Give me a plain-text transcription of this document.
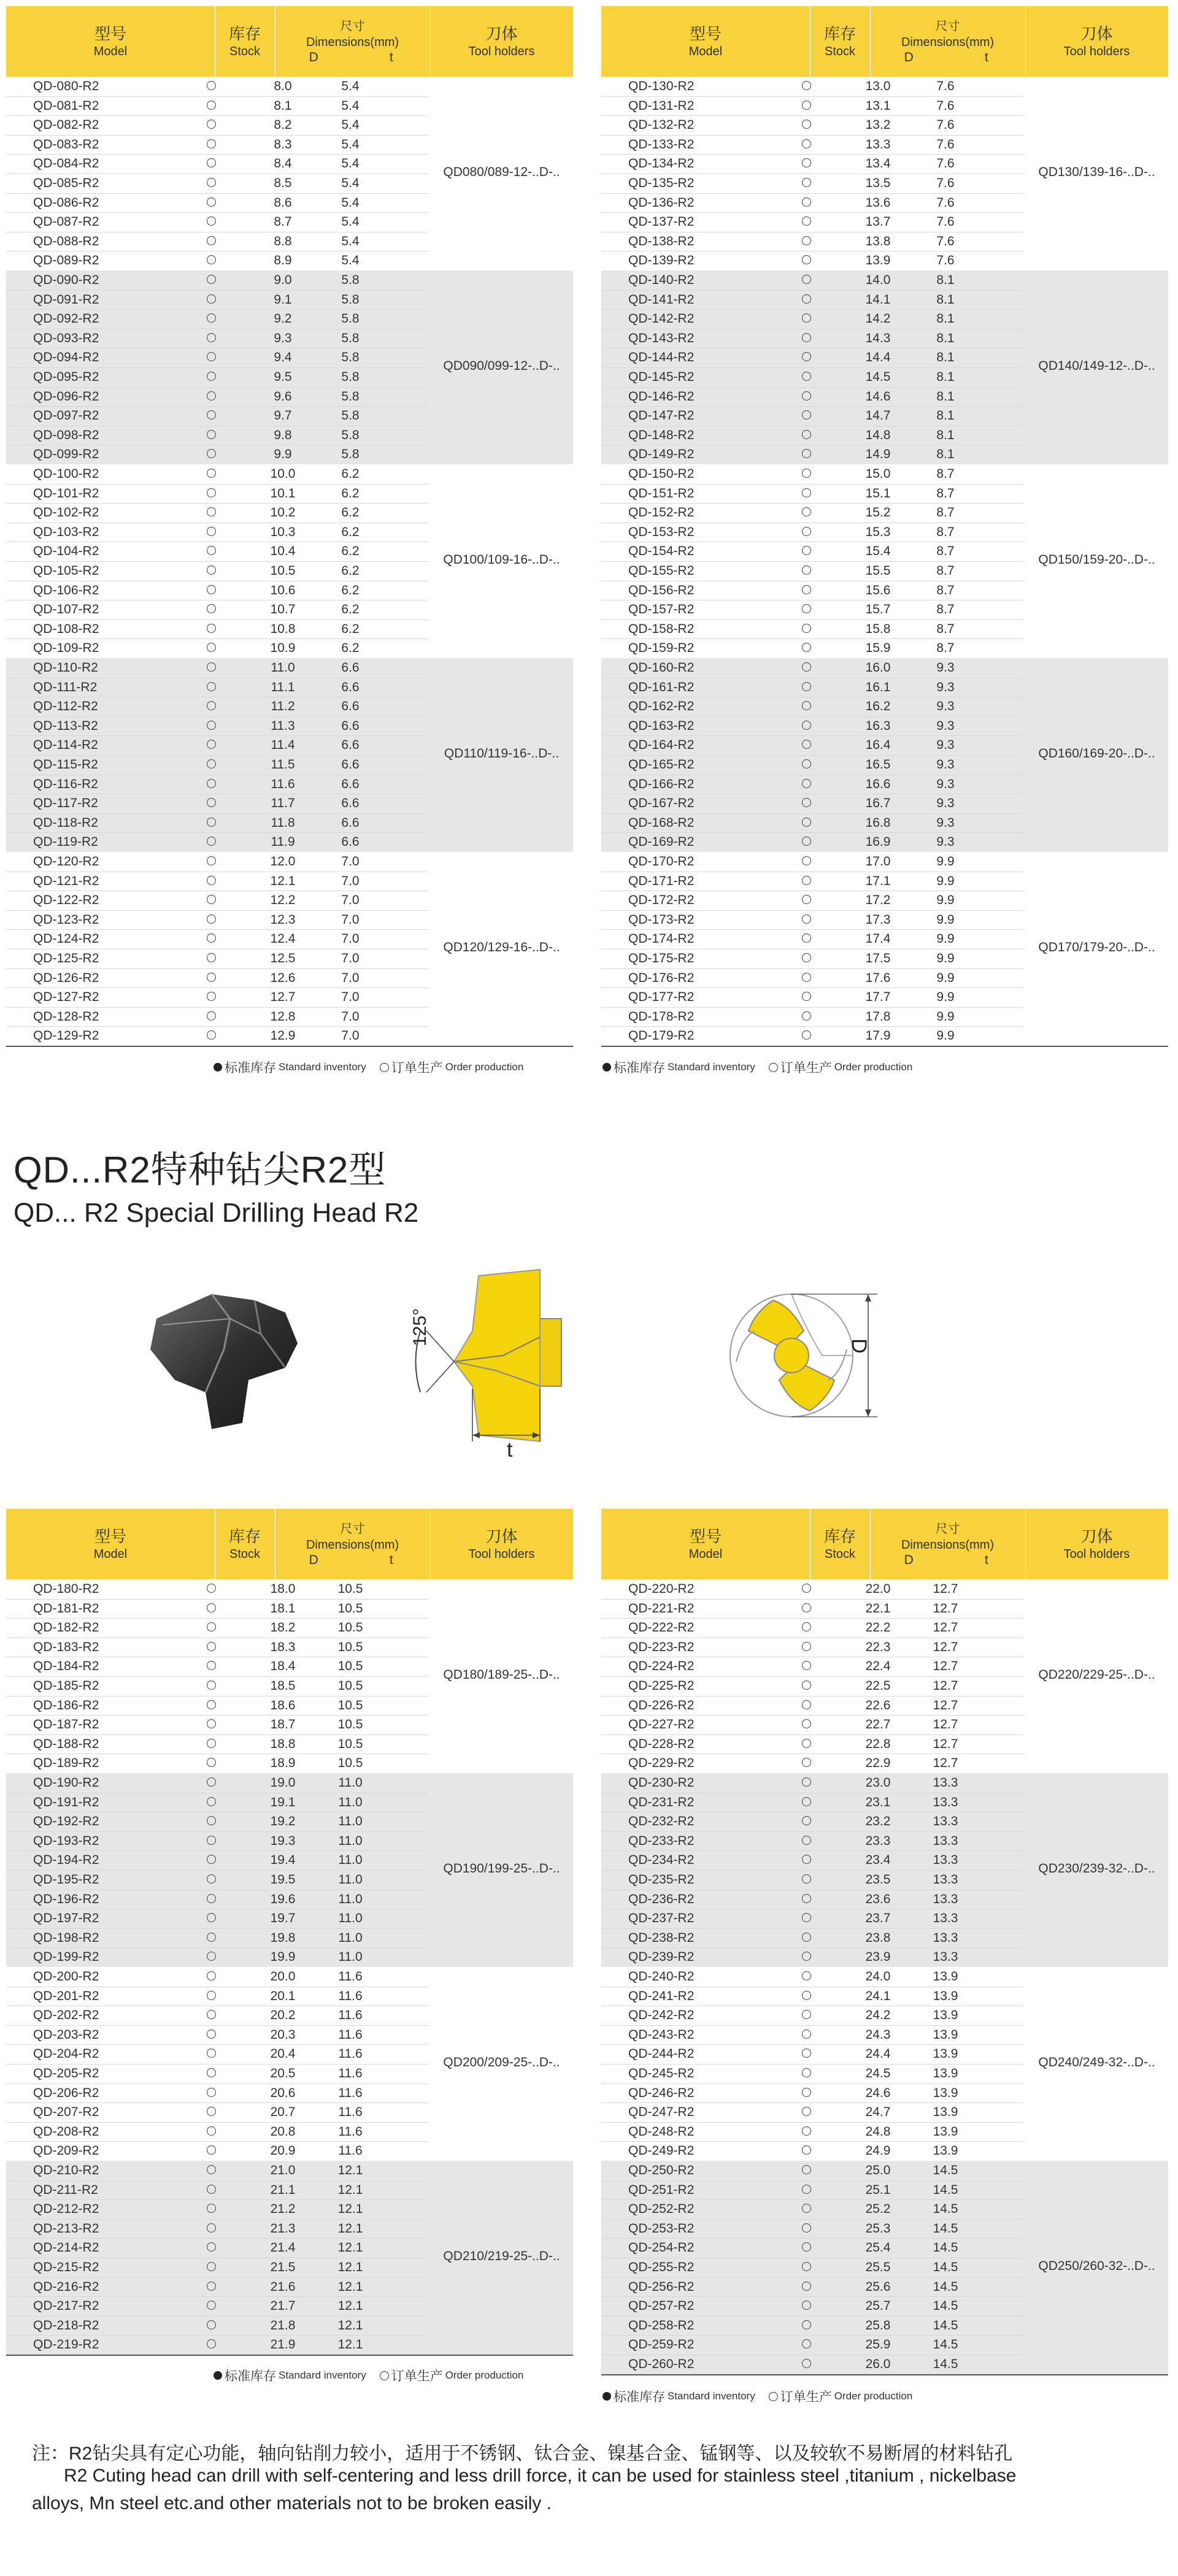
型号
Model
库存
Stock
尺寸
Dimensions(mm)
D	t
刀体
Tool holders
QD080/089-12-..D-..
QD-080-R2	8.0	5.4
QD-081-R2	8.1	5.4
QD-082-R2	8.2	5.4
QD-083-R2	8.3	5.4
QD-084-R2	8.4	5.4
QD-085-R2	8.5	5.4
QD-086-R2	8.6	5.4
QD-087-R2	8.7	5.4
QD-088-R2	8.8	5.4
QD-089-R2	8.9	5.4
QD090/099-12-..D-..
QD-090-R2	9.0	5.8
QD-091-R2	9.1	5.8
QD-092-R2	9.2	5.8
QD-093-R2	9.3	5.8
QD-094-R2	9.4	5.8
QD-095-R2	9.5	5.8
QD-096-R2	9.6	5.8
QD-097-R2	9.7	5.8
QD-098-R2	9.8	5.8
QD-099-R2	9.9	5.8
QD100/109-16-..D-..
QD-100-R2	10.0	6.2
QD-101-R2	10.1	6.2
QD-102-R2	10.2	6.2
QD-103-R2	10.3	6.2
QD-104-R2	10.4	6.2
QD-105-R2	10.5	6.2
QD-106-R2	10.6	6.2
QD-107-R2	10.7	6.2
QD-108-R2	10.8	6.2
QD-109-R2	10.9	6.2
QD110/119-16-..D-..
QD-110-R2	11.0	6.6
QD-111-R2	11.1	6.6
QD-112-R2	11.2	6.6
QD-113-R2	11.3	6.6
QD-114-R2	11.4	6.6
QD-115-R2	11.5	6.6
QD-116-R2	11.6	6.6
QD-117-R2	11.7	6.6
QD-118-R2	11.8	6.6
QD-119-R2	11.9	6.6
QD120/129-16-..D-..
QD-120-R2	12.0	7.0
QD-121-R2	12.1	7.0
QD-122-R2	12.2	7.0
QD-123-R2	12.3	7.0
QD-124-R2	12.4	7.0
QD-125-R2	12.5	7.0
QD-126-R2	12.6	7.0
QD-127-R2	12.7	7.0
QD-128-R2	12.8	7.0
QD-129-R2	12.9	7.0
型号
Model
库存
Stock
尺寸
Dimensions(mm)
D	t
刀体
Tool holders
QD130/139-16-..D-..
QD-130-R2	13.0	7.6
QD-131-R2	13.1	7.6
QD-132-R2	13.2	7.6
QD-133-R2	13.3	7.6
QD-134-R2	13.4	7.6
QD-135-R2	13.5	7.6
QD-136-R2	13.6	7.6
QD-137-R2	13.7	7.6
QD-138-R2	13.8	7.6
QD-139-R2	13.9	7.6
QD140/149-12-..D-..
QD-140-R2	14.0	8.1
QD-141-R2	14.1	8.1
QD-142-R2	14.2	8.1
QD-143-R2	14.3	8.1
QD-144-R2	14.4	8.1
QD-145-R2	14.5	8.1
QD-146-R2	14.6	8.1
QD-147-R2	14.7	8.1
QD-148-R2	14.8	8.1
QD-149-R2	14.9	8.1
QD150/159-20-..D-..
QD-150-R2	15.0	8.7
QD-151-R2	15.1	8.7
QD-152-R2	15.2	8.7
QD-153-R2	15.3	8.7
QD-154-R2	15.4	8.7
QD-155-R2	15.5	8.7
QD-156-R2	15.6	8.7
QD-157-R2	15.7	8.7
QD-158-R2	15.8	8.7
QD-159-R2	15.9	8.7
QD160/169-20-..D-..
QD-160-R2	16.0	9.3
QD-161-R2	16.1	9.3
QD-162-R2	16.2	9.3
QD-163-R2	16.3	9.3
QD-164-R2	16.4	9.3
QD-165-R2	16.5	9.3
QD-166-R2	16.6	9.3
QD-167-R2	16.7	9.3
QD-168-R2	16.8	9.3
QD-169-R2	16.9	9.3
QD170/179-20-..D-..
QD-170-R2	17.0	9.9
QD-171-R2	17.1	9.9
QD-172-R2	17.2	9.9
QD-173-R2	17.3	9.9
QD-174-R2	17.4	9.9
QD-175-R2	17.5	9.9
QD-176-R2	17.6	9.9
QD-177-R2	17.7	9.9
QD-178-R2	17.8	9.9
QD-179-R2	17.9	9.9
型号
Model
库存
Stock
尺寸
Dimensions(mm)
D	t
刀体
Tool holders
QD180/189-25-..D-..
QD-180-R2	18.0	10.5
QD-181-R2	18.1	10.5
QD-182-R2	18.2	10.5
QD-183-R2	18.3	10.5
QD-184-R2	18.4	10.5
QD-185-R2	18.5	10.5
QD-186-R2	18.6	10.5
QD-187-R2	18.7	10.5
QD-188-R2	18.8	10.5
QD-189-R2	18.9	10.5
QD190/199-25-..D-..
QD-190-R2	19.0	11.0
QD-191-R2	19.1	11.0
QD-192-R2	19.2	11.0
QD-193-R2	19.3	11.0
QD-194-R2	19.4	11.0
QD-195-R2	19.5	11.0
QD-196-R2	19.6	11.0
QD-197-R2	19.7	11.0
QD-198-R2	19.8	11.0
QD-199-R2	19.9	11.0
QD200/209-25-..D-..
QD-200-R2	20.0	11.6
QD-201-R2	20.1	11.6
QD-202-R2	20.2	11.6
QD-203-R2	20.3	11.6
QD-204-R2	20.4	11.6
QD-205-R2	20.5	11.6
QD-206-R2	20.6	11.6
QD-207-R2	20.7	11.6
QD-208-R2	20.8	11.6
QD-209-R2	20.9	11.6
QD210/219-25-..D-..
QD-210-R2	21.0	12.1
QD-211-R2	21.1	12.1
QD-212-R2	21.2	12.1
QD-213-R2	21.3	12.1
QD-214-R2	21.4	12.1
QD-215-R2	21.5	12.1
QD-216-R2	21.6	12.1
QD-217-R2	21.7	12.1
QD-218-R2	21.8	12.1
QD-219-R2	21.9	12.1
型号
Model
库存
Stock
尺寸
Dimensions(mm)
D	t
刀体
Tool holders
QD220/229-25-..D-..
QD-220-R2	22.0	12.7
QD-221-R2	22.1	12.7
QD-222-R2	22.2	12.7
QD-223-R2	22.3	12.7
QD-224-R2	22.4	12.7
QD-225-R2	22.5	12.7
QD-226-R2	22.6	12.7
QD-227-R2	22.7	12.7
QD-228-R2	22.8	12.7
QD-229-R2	22.9	12.7
QD230/239-32-..D-..
QD-230-R2	23.0	13.3
QD-231-R2	23.1	13.3
QD-232-R2	23.2	13.3
QD-233-R2	23.3	13.3
QD-234-R2	23.4	13.3
QD-235-R2	23.5	13.3
QD-236-R2	23.6	13.3
QD-237-R2	23.7	13.3
QD-238-R2	23.8	13.3
QD-239-R2	23.9	13.3
QD240/249-32-..D-..
QD-240-R2	24.0	13.9
QD-241-R2	24.1	13.9
QD-242-R2	24.2	13.9
QD-243-R2	24.3	13.9
QD-244-R2	24.4	13.9
QD-245-R2	24.5	13.9
QD-246-R2	24.6	13.9
QD-247-R2	24.7	13.9
QD-248-R2	24.8	13.9
QD-249-R2	24.9	13.9
QD250/260-32-..D-..
QD-250-R2	25.0	14.5
QD-251-R2	25.1	14.5
QD-252-R2	25.2	14.5
QD-253-R2	25.3	14.5
QD-254-R2	25.4	14.5
QD-255-R2	25.5	14.5
QD-256-R2	25.6	14.5
QD-257-R2	25.7	14.5
QD-258-R2	25.8	14.5
QD-259-R2	25.9	14.5
QD-260-R2	26.0	14.5
标准库存 Standard inventory 订单生产 Order production	标准库存 Standard inventory 订单生产 Order production
标准库存 Standard inventory 订单生产 Order production
标准库存 Standard inventory 订单生产 Order production
QD...R2特种钻尖R2型
QD... R2 Special Drilling Head R2
125°
t
D
注：R2钻尖具有定心功能，轴向钻削力较小，适用于不锈钢、钛合金、镍基合金、锰钢等、以及较软不易断屑的材料钻孔
R2 Cuting head can drill with self-centering and less drill force, it can be used for stainless steel ,titanium , nickelbase
alloys, Mn steel etc.and other materials not to be broken easily .
